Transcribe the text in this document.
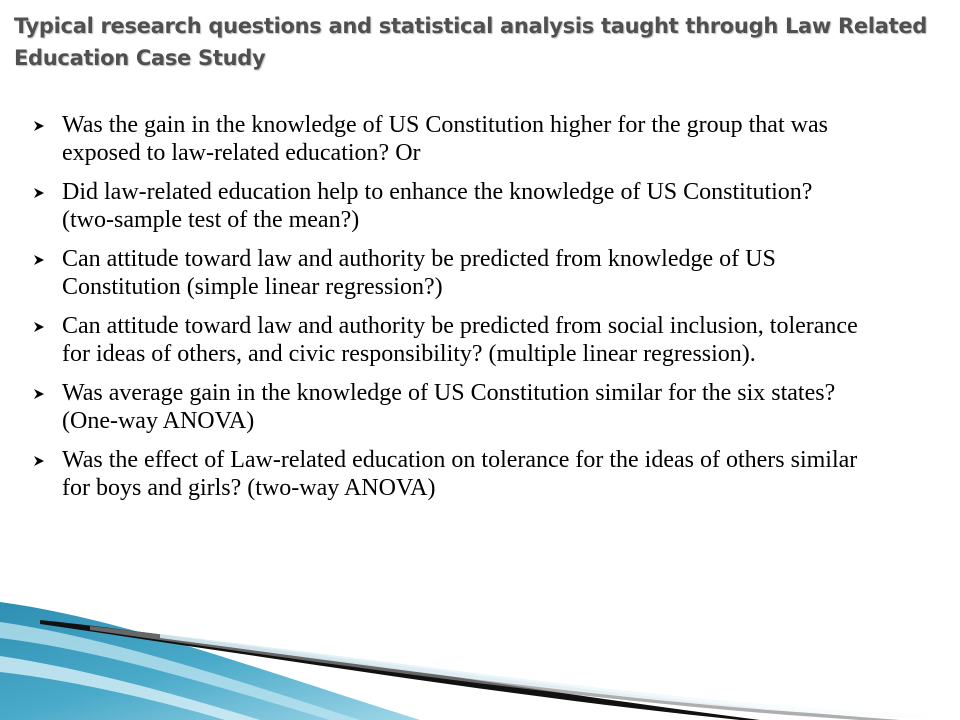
Typical research questions and statistical analysis taught through Law Related Education Case Study
Was the gain in the knowledge of US Constitution higher for the group that was exposed to law-related education? Or
Did law-related education help to enhance the knowledge of US Constitution? (two-sample test of the mean?)
Can attitude toward law and authority be predicted from knowledge of US Constitution (simple linear regression?)
Can attitude toward law and authority be predicted from social inclusion, tolerance for ideas of others, and civic responsibility? (multiple linear regression).
Was average gain in the knowledge of US Constitution similar for the six states? (One-way ANOVA)
Was the effect of Law-related education on tolerance for the ideas of others similar for boys and girls? (two-way ANOVA)
